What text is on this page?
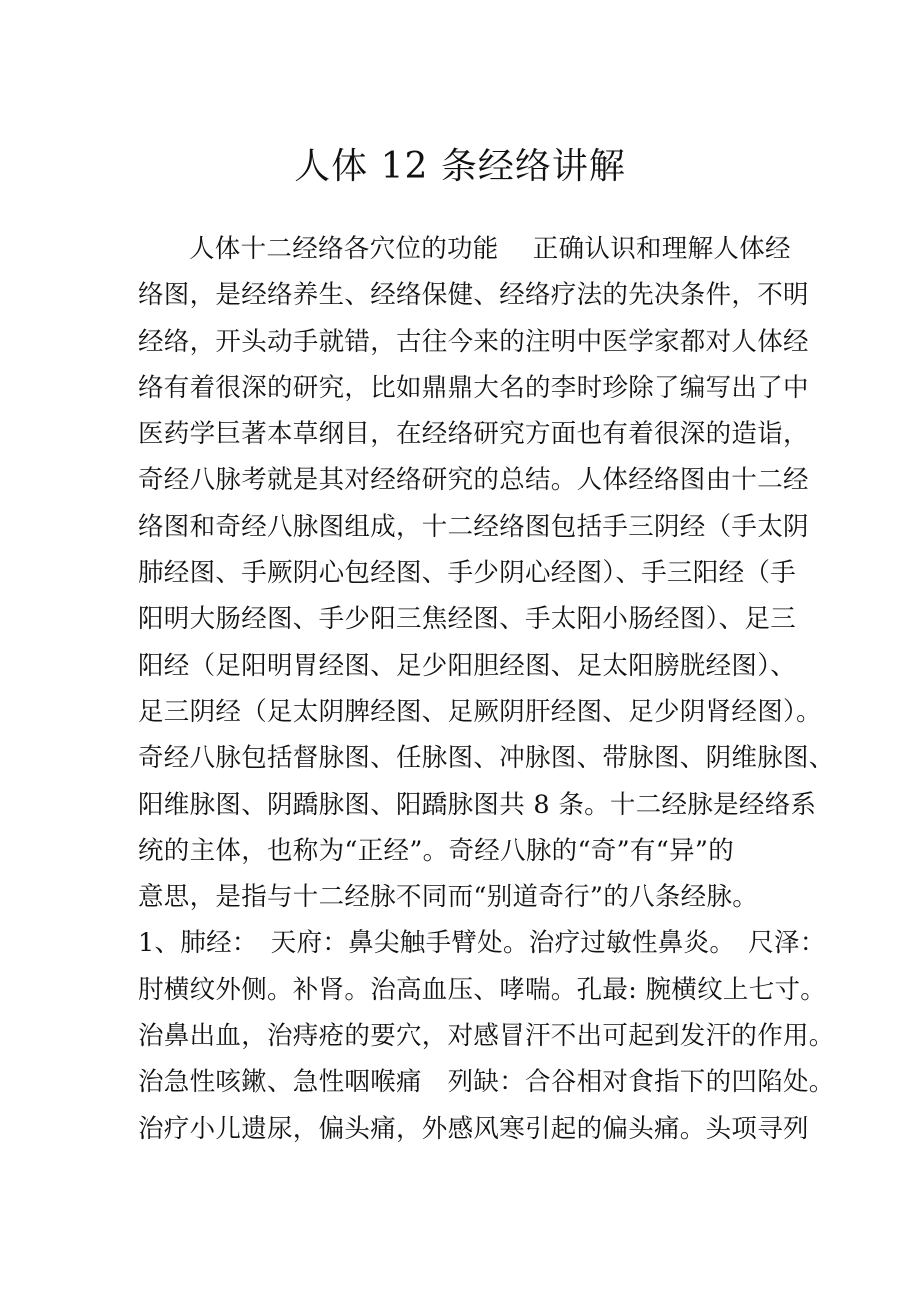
人体 12 条经络讲解
人体十二经络各穴位的功能　 正确认识和理解人体经
络图，是经络养生、经络保健、经络疗法的先决条件，不明
经络，开头动手就错，古往今来的注明中医学家都对人体经
络有着很深的研究，比如鼎鼎大名的李时珍除了编写出了中
医药学巨著本草纲目，在经络研究方面也有着很深的造诣，
奇经八脉考就是其对经络研究的总结。人体经络图由十二经
络图和奇经八脉图组成，十二经络图包括手三阴经（手太阴
肺经图、手厥阴心包经图、手少阴心经图）、手三阳经（手
阳明大肠经图、手少阳三焦经图、手太阳小肠经图）、足三
阳经（足阳明胃经图、足少阳胆经图、足太阳膀胱经图）、
足三阴经（足太阴脾经图、足厥阴肝经图、足少阴肾经图）。
奇经八脉包括督脉图、任脉图、冲脉图、带脉图、阴维脉图、
阳维脉图、阴蹻脉图、阳蹻脉图共 8 条。十二经脉是经络系
统的主体，也称为“正经”。奇经八脉的“奇”有“异”的
意思，是指与十二经脉不同而“别道奇行”的八条经脉。
1、肺经：　天府：鼻尖触手臂处。治疗过敏性鼻炎。　尺泽：
肘横纹外侧。补肾。治高血压、哮喘。孔最: 腕横纹上七寸。
治鼻出血，治痔疮的要穴，对感冒汗不出可起到发汗的作用。
治急性咳鏉、急性咽喉痛　列缺：合谷相对食指下的凹陷处。
治疗小儿遗尿，偏头痛，外感风寒引起的偏头痛。头项寻列
